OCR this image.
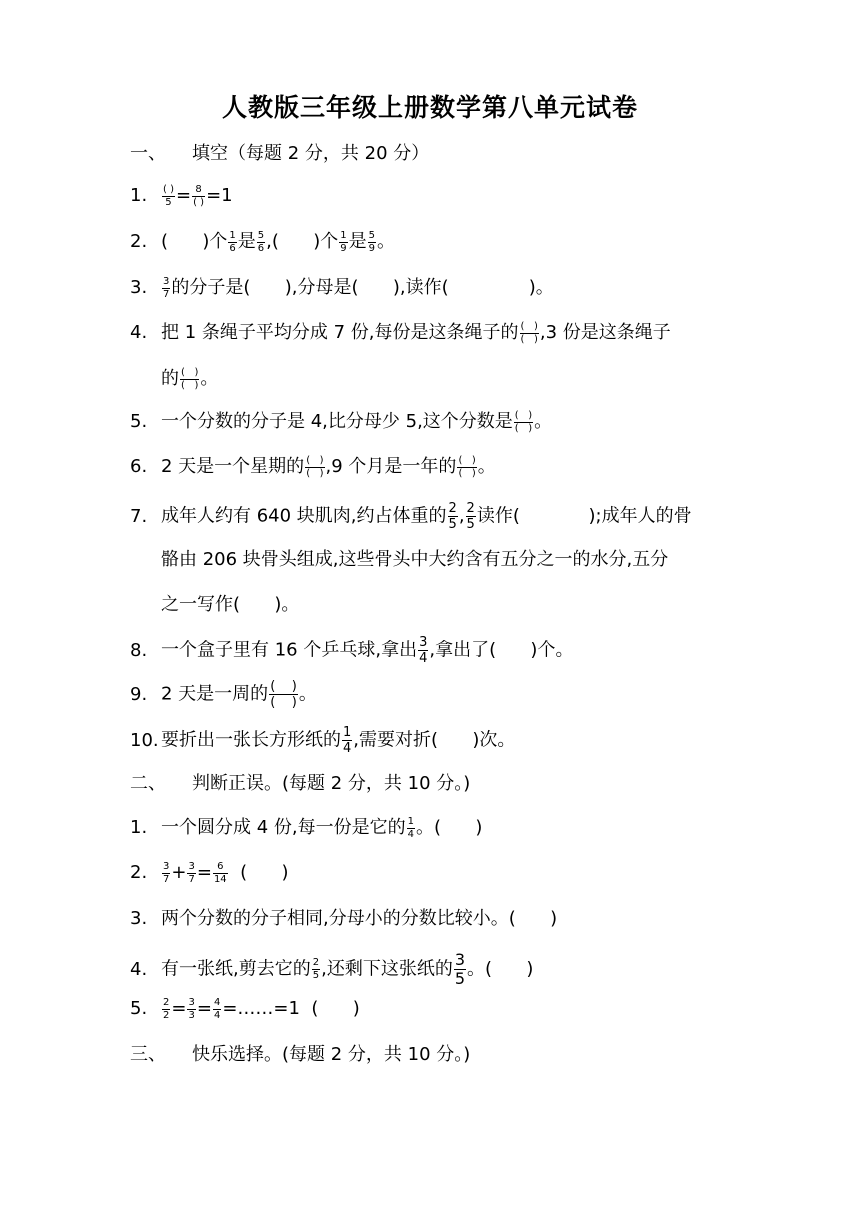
人教版三年级上册数学第八单元试卷
一、 填空（每题 2 分，共 20 分）
1. $\frac{( )}{5} = \frac{8}{( )} =1$
2. (      )个 $\frac{1}{6}$ 是 $\frac{5}{6}$ ,(      )个 $\frac{1}{9}$ 是 $\frac{5}{9}$ 。
3. $\frac{3}{7}$ 的分子是(      ),分母是(      ),读作(              )。
4. 把 1 条绳子平均分成 7 份,每份是这条绳子的 $\frac{( )}{( )} ,3$ 份是这条绳子
的 $\frac{( )}{( )}$ 。
5. 一个分数的分子是 4,比分母少 5,这个分数是 $\frac{( )}{( )}$ 。
6. 2 天是一个星期的 $\frac{( )}{( )} ,9$ 个月是一年的 $\frac{( )}{( )}$ 。
7. 成年人约有 640 块肌肉,约占体重的 $\frac{2}{5}$ , $\frac{2}{5}$ 读作(            );成年人的骨
骼由 206 块骨头组成,这些骨头中大约含有五分之一的水分,五分
之一写作(      )。
8. 一个盒子里有 16 个乒乓球,拿出 $\frac{3}{4}$ ,拿出了(      )个。
9. 2 天是一周的 $\frac{( )}{( )}$ 。
10. 要折出一张长方形纸的 $\frac{1}{4}$ ,需要对折(      )次。
二、 判断正误。(每题 2 分，共 10 分。)
1. 一个圆分成 4 份,每一份是它的 $\frac{1}{4}$ 。(      )
2. $\frac{3}{7} + \frac{3}{7} = \frac{6}{14}$ (      )
3. 两个分数的分子相同,分母小的分数比较小。(      )
4. 有一张纸,剪去它的 $\frac{2}{5}$ ,还剩下这张纸的 $\frac{3}{5}$ 。(      )
5. $\frac{2}{2} = \frac{3}{3} = \frac{4}{4}$ =……=1  (      )
三、 快乐选择。(每题 2 分，共 10 分。)
